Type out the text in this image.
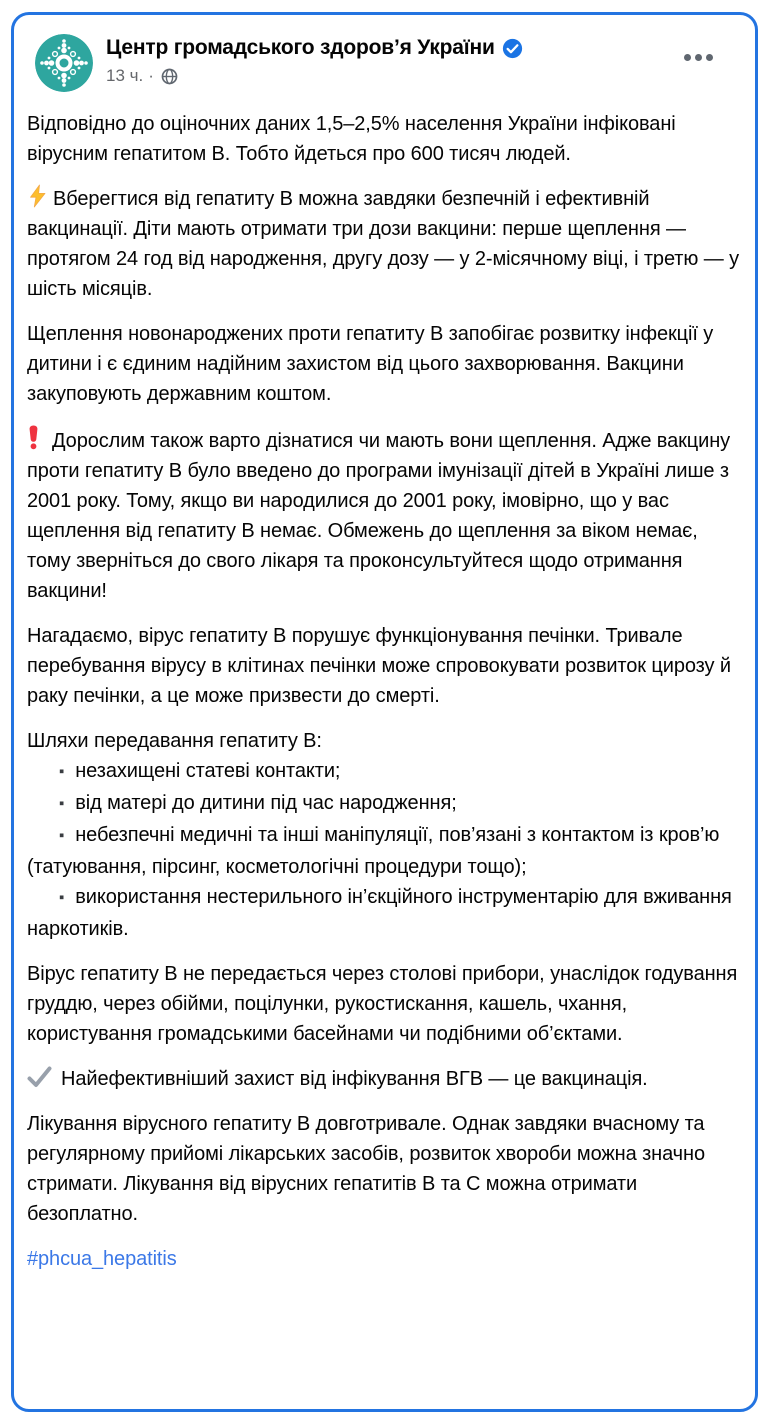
Центр громадського здоров’я України
13 ч. ·

Відповідно до оціночних даних 1,5–2,5% населення України інфіковані вірусним гепатитом В. Тобто йдеться про 600 тисяч людей.

Вберегтися від гепатиту В можна завдяки безпечній і ефективній вакцинації. Діти мають отримати три дози вакцини: перше щеплення — протягом 24 год від народження, другу дозу — у 2-місячному віці, і третю — у шість місяців.

Щеплення новонароджених проти гепатиту В запобігає розвитку інфекції у дитини і є єдиним надійним захистом від цього захворювання. Вакцини закуповують державним коштом.

Дорослим також варто дізнатися чи мають вони щеплення. Адже вакцину проти гепатиту В було введено до програми імунізації дітей в Україні лише з 2001 року. Тому, якщо ви народилися до 2001 року, імовірно, що у вас щеплення від гепатиту В немає. Обмежень до щеплення за віком немає, тому зверніться до свого лікаря та проконсультуйтеся щодо отримання вакцини!

Нагадаємо, вірус гепатиту В порушує функціонування печінки. Тривале перебування вірусу в клітинах печінки може спровокувати розвиток цирозу й раку печінки, а це може призвести до смерті.

Шляхи передавання гепатиту В:

▪ незахищені статеві контакти;

▪ від матері до дитини під час народження;

▪ небезпечні медичні та інші маніпуляції, пов’язані з контактом із кров’ю (татуювання, пірсинг, косметологічні процедури тощо);

▪ використання нестерильного ін’єкційного інструментарію для вживання наркотиків.

Вірус гепатиту В не передається через столові прибори, унаслідок годування груддю, через обійми, поцілунки, рукостискання, кашель, чхання, користування громадськими басейнами чи подібними об’єктами.

Найефективніший захист від інфікування ВГВ — це вакцинація.

Лікування вірусного гепатиту В довготривале. Однак завдяки вчасному та регулярному прийомі лікарських засобів, розвиток хвороби можна значно стримати. Лікування від вірусних гепатитів В та С можна отримати безоплатно.

#phcua_hepatitis
